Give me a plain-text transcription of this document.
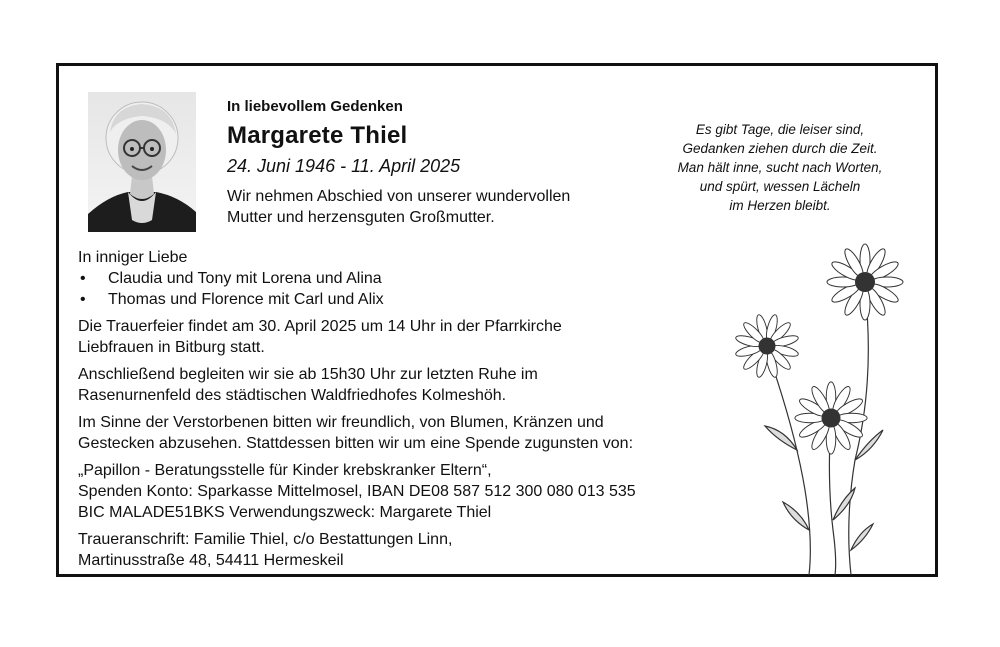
In liebevollem Gedenken
Margarete Thiel
24. Juni 1946 - 11. April 2025
Wir nehmen Abschied von unserer wundervollen
Mutter und herzensguten Großmutter.
Es gibt Tage, die leiser sind,
Gedanken ziehen durch die Zeit.
Man hält inne, sucht nach Worten,
und spürt, wessen Lächeln
im Herzen bleibt.
In inniger Liebe
• Claudia und Tony mit Lorena und Alina
• Thomas und Florence mit Carl und Alix

Die Trauerfeier findet am 30. April 2025 um 14 Uhr in der Pfarrkirche
Liebfrauen in Bitburg statt.

Anschließend begleiten wir sie ab 15h30 Uhr zur letzten Ruhe im
Rasenurnenfeld des städtischen Waldfriedhofes Kolmeshöh.

Im Sinne der Verstorbenen bitten wir freundlich, von Blumen, Kränzen und
Gestecken abzusehen. Stattdessen bitten wir um eine Spende zugunsten von:

„Papillon - Beratungsstelle für Kinder krebskranker Eltern“,
Spenden Konto: Sparkasse Mittelmosel, IBAN DE08 587 512 300 080 013 535
BIC MALADE51BKS Verwendungszweck: Margarete Thiel

Traueranschrift: Familie Thiel, c/o Bestattungen Linn,
Martinusstraße 48, 54411 Hermeskeil
